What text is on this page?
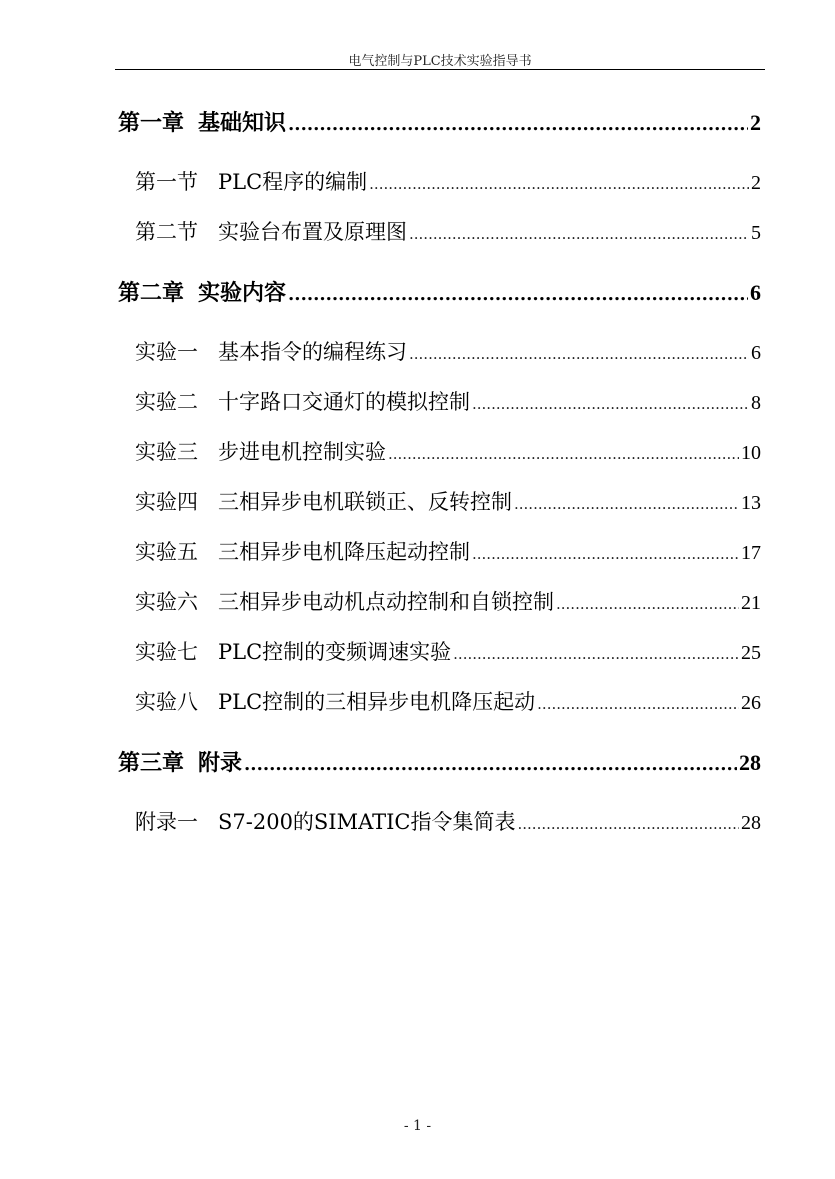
电气控制与PLC技术实验指导书
第一章 基础知识 .....	2
第一节 PLC程序的编制 .....	2
第二节 实验台布置及原理图 .....	5
第二章 实验内容 .....	6
实验一 基本指令的编程练习 .....	6
实验二 十字路口交通灯的模拟控制 .....	8
实验三 步进电机控制实验 .....	10
实验四 三相异步电机联锁正、反转控制 .....	13
实验五 三相异步电机降压起动控制 .....	17
实验六 三相异步电动机点动控制和自锁控制 .....	21
实验七 PLC控制的变频调速实验 .....	25
实验八 PLC控制的三相异步电机降压起动 .....	26
第三章 附录 .....	28
附录一 S7-200的SIMATIC指令集简表 .....	28
- 1 -
